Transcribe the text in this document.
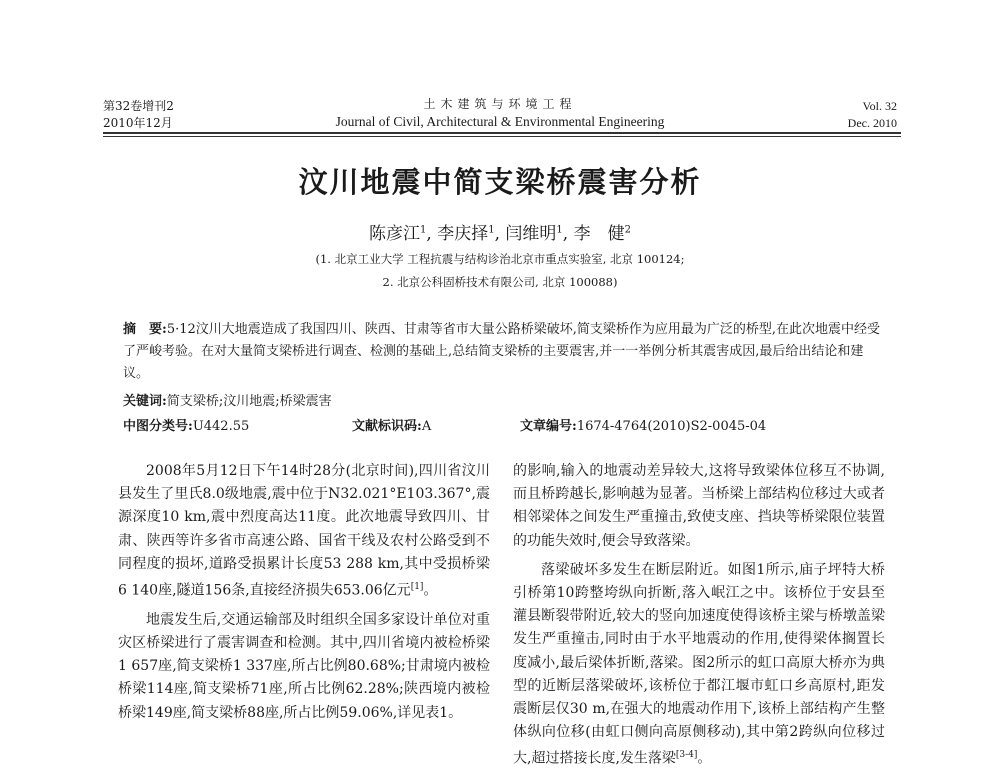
第32卷增刊2
2010年12月
土木建筑与环境工程
Journal of Civil, Architectural & Environmental Engineering
Vol. 32
Dec. 2010
汶川地震中简支梁桥震害分析
陈彦江$^1$, 李庆择$^1$, 闫维明$^1$, 李　健$^2$
(1. 北京工业大学 工程抗震与结构诊治北京市重点实验室, 北京 100124;
2. 北京公科固桥技术有限公司, 北京 100088)
摘　要:5·12汶川大地震造成了我国四川、陕西、甘肃等省市大量公路桥梁破坏,简支梁桥作为应用最为广泛的桥型,在此次地震中经受了严峻考验。在对大量简支梁桥进行调查、检测的基础上,总结简支梁桥的主要震害,并一一举例分析其震害成因,最后给出结论和建议。
关键词:简支梁桥;汶川地震;桥梁震害
中图分类号:U442.55	文献标识码:A	文章编号:1674-4764(2010)S2-0045-04

2008年5月12日下午14时28分(北京时间),四川省汶川县发生了里氏8.0级地震,震中位于N32.021°E103.367°,震源深度10 km,震中烈度高达11度。此次地震导致四川、甘肃、陕西等许多省市高速公路、国省干线及农村公路受到不同程度的损坏,道路受损累计长度53 288 km,其中受损桥梁6 140座,隧道156条,直接经济损失653.06亿元[1]。

地震发生后,交通运输部及时组织全国多家设计单位对重灾区桥梁进行了震害调查和检测。其中,四川省境内被检桥梁1 657座,简支梁桥1 337座,所占比例80.68%;甘肃境内被检桥梁114座,简支梁桥71座,所占比例62.28%;陕西境内被检桥梁149座,简支梁桥88座,所占比例59.06%,详见表1。

的影响,输入的地震动差异较大,这将导致梁体位移互不协调,而且桥跨越长,影响越为显著。当桥梁上部结构位移过大或者相邻梁体之间发生严重撞击,致使支座、挡块等桥梁限位装置的功能失效时,便会导致落梁。

落梁破坏多发生在断层附近。如图1所示,庙子坪特大桥引桥第10跨整垮纵向折断,落入岷江之中。该桥位于安县至灌县断裂带附近,较大的竖向加速度使得该桥主梁与桥墩盖梁发生严重撞击,同时由于水平地震动的作用,使得梁体搁置长度减小,最后梁体折断,落梁。图2所示的虹口高原大桥亦为典型的近断层落梁破坏,该桥位于都江堰市虹口乡高原村,距发震断层仅30 m,在强大的地震动作用下,该桥上部结构产生整体纵向位移(由虹口侧向高原侧移动),其中第2跨纵向位移过大,超过搭接长度,发生落梁[3-4]。
